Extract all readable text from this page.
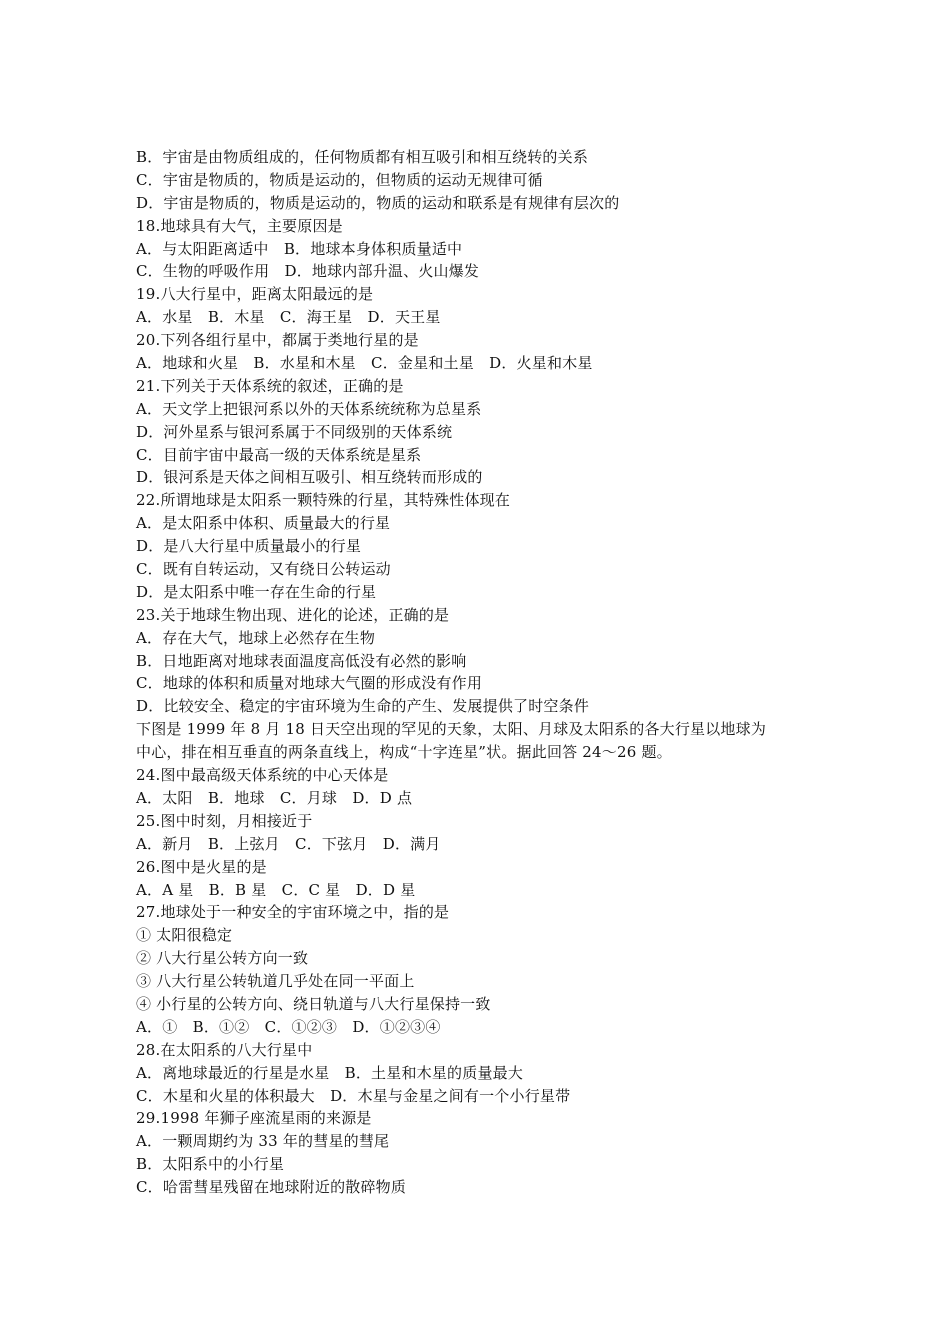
B．宇宙是由物质组成的，任何物质都有相互吸引和相互绕转的关系
C．宇宙是物质的，物质是运动的，但物质的运动无规律可循
D．宇宙是物质的，物质是运动的，物质的运动和联系是有规律有层次的
18.地球具有大气，主要原因是
A．与太阳距离适中　B．地球本身体积质量适中
C．生物的呼吸作用　D．地球内部升温、火山爆发
19.八大行星中，距离太阳最远的是
A．水星　B．木星　C．海王星　D．天王星
20.下列各组行星中，都属于类地行星的是
A．地球和火星　B．水星和木星　C．金星和土星　D．火星和木星
21.下列关于天体系统的叙述，正确的是
A．天文学上把银河系以外的天体系统统称为总星系
D．河外星系与银河系属于不同级别的天体系统
C．目前宇宙中最高一级的天体系统是星系
D．银河系是天体之间相互吸引、相互绕转而形成的
22.所谓地球是太阳系一颗特殊的行星，其特殊性体现在
A．是太阳系中体积、质量最大的行星
D．是八大行星中质量最小的行星
C．既有自转运动，又有绕日公转运动
D．是太阳系中唯一存在生命的行星
23.关于地球生物出现、进化的论述，正确的是
A．存在大气，地球上必然存在生物
B．日地距离对地球表面温度高低没有必然的影响
C．地球的体积和质量对地球大气圈的形成没有作用
D．比较安全、稳定的宇宙环境为生命的产生、发展提供了时空条件
下图是 1999 年 8 月 18 日天空出现的罕见的天象，太阳、月球及太阳系的各大行星以地球为
中心，排在相互垂直的两条直线上，构成“十字连星”状。据此回答 24～26 题。
24.图中最高级天体系统的中心天体是
A．太阳　B．地球　C．月球　D．D 点
25.图中时刻，月相接近于
A．新月　B．上弦月　C．下弦月　D．满月
26.图中是火星的是
A．A 星　B．B 星　C．C 星　D．D 星
27.地球处于一种安全的宇宙环境之中，指的是
① 太阳很稳定
② 八大行星公转方向一致
③ 八大行星公转轨道几乎处在同一平面上
④ 小行星的公转方向、绕日轨道与八大行星保持一致
A．①　B．①②　C．①②③　D．①②③④
28.在太阳系的八大行星中
A．离地球最近的行星是水星　B．土星和木星的质量最大
C．木星和火星的体积最大　D．木星与金星之间有一个小行星带
29.1998 年狮子座流星雨的来源是
A．一颗周期约为 33 年的彗星的彗尾
B．太阳系中的小行星
C．哈雷彗星残留在地球附近的散碎物质
